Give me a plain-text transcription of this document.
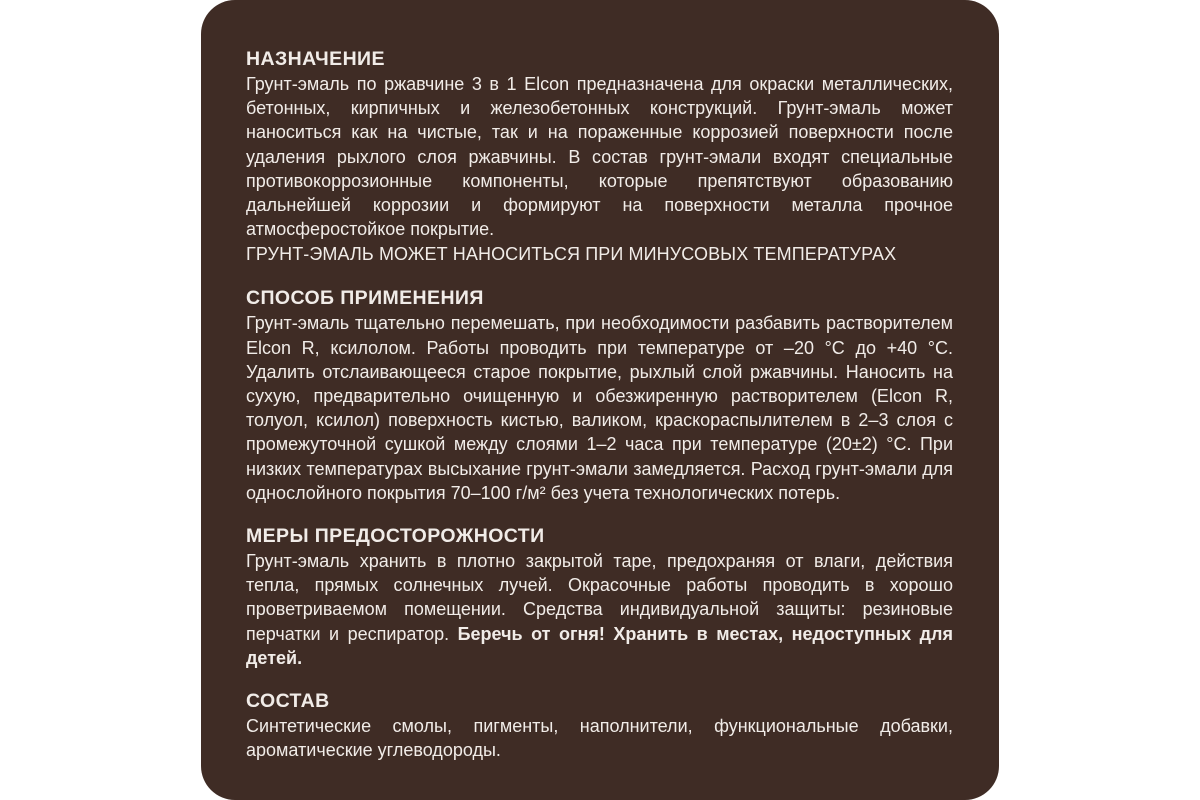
НАЗНАЧЕНИЕ

Грунт-эмаль по ржавчине 3 в 1 Elcon предназначена для окраски металлических, бетонных, кирпичных и железобетонных конструкций. Грунт-эмаль может наноситься как на чистые, так и на пораженные коррозией поверхности после удаления рыхлого слоя ржавчины. В состав грунт-эмали входят специальные противокоррозионные компоненты, которые препятствуют образованию дальнейшей коррозии и формируют на поверхности металла прочное атмосферостойкое покрытие.

ГРУНТ-ЭМАЛЬ МОЖЕТ НАНОСИТЬСЯ ПРИ МИНУСОВЫХ ТЕМПЕРАТУРАХ

СПОСОБ ПРИМЕНЕНИЯ

Грунт-эмаль тщательно перемешать, при необходимости разбавить растворителем Elcon R, ксилолом. Работы проводить при температуре от –20 °С до +40 °С. Удалить отслаивающееся старое покрытие, рыхлый слой ржавчины. Наносить на сухую, предварительно очищенную и обезжиренную растворителем (Elcon R, толуол, ксилол) поверхность кистью, валиком, краскораспылителем в 2–3 слоя с промежуточной сушкой между слоями 1–2 часа при температуре (20±2) °С. При низких температурах высыхание грунт-эмали замедляется. Расход грунт-эмали для однослойного покрытия 70–100 г/м² без учета технологических потерь.

МЕРЫ ПРЕДОСТОРОЖНОСТИ

Грунт-эмаль хранить в плотно закрытой таре, предохраняя от влаги, действия тепла, прямых солнечных лучей. Окрасочные работы проводить в хорошо проветриваемом помещении. Средства индивидуальной защиты: резиновые перчатки и респиратор. Беречь от огня! Хранить в местах, недоступных для детей.

СОСТАВ

Синтетические смолы, пигменты, наполнители, функциональные добавки, ароматические углеводороды.
